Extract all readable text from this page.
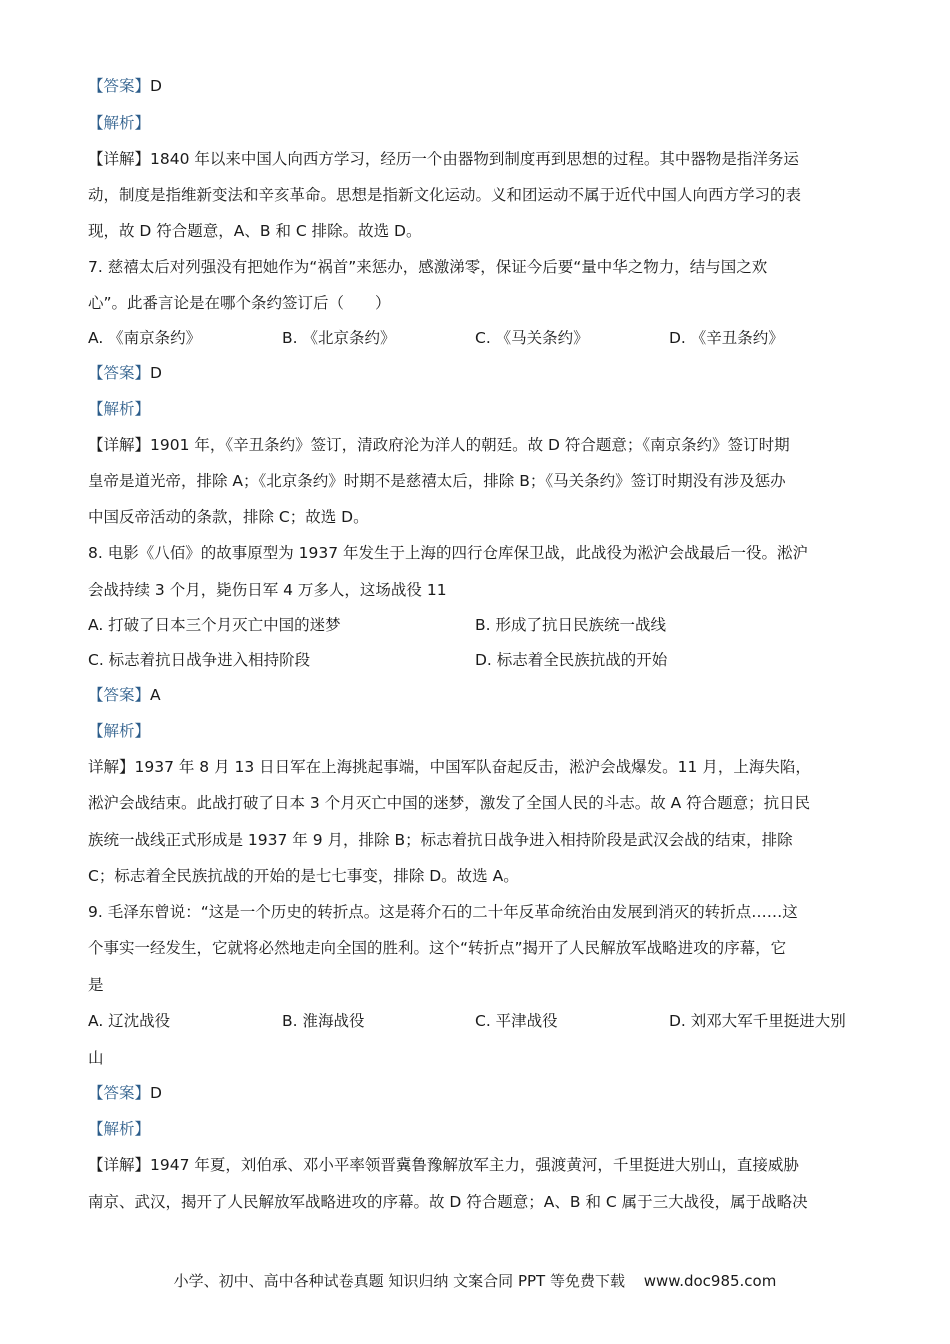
【答案】D
【解析】
【详解】1840 年以来中国人向西方学习，经历一个由器物到制度再到思想的过程。其中器物是指洋务运
动，制度是指维新变法和辛亥革命。思想是指新文化运动。义和团运动不属于近代中国人向西方学习的表
现，故 D 符合题意，A、B 和 C 排除。故选 D。
7. 慈禧太后对列强没有把她作为“祸首”来惩办，感激涕零，保证今后要“量中华之物力，结与国之欢
心”。此番言论是在哪个条约签订后（　　）
【答案】D
【解析】
【详解】1901 年，《辛丑条约》签订，清政府沦为洋人的朝廷。故 D 符合题意；《南京条约》签订时期
皇帝是道光帝，排除 A；《北京条约》时期不是慈禧太后，排除 B；《马关条约》签订时期没有涉及惩办
中国反帝活动的条款，排除 C；故选 D。
8. 电影《八佰》的故事原型为 1937 年发生于上海的四行仓库保卫战，此战役为淞沪会战最后一役。淞沪
会战持续 3 个月，毙伤日军 4 万多人，这场战役 11
【答案】A
【解析】
详解】1937 年 8 月 13 日日军在上海挑起事端，中国军队奋起反击，淞沪会战爆发。11 月，上海失陷，
淞沪会战结束。此战打破了日本 3 个月灭亡中国的迷梦，激发了全国人民的斗志。故 A 符合题意；抗日民
族统一战线正式形成是 1937 年 9 月，排除 B；标志着抗日战争进入相持阶段是武汉会战的结束，排除
C；标志着全民族抗战的开始的是七七事变，排除 D。故选 A。
9. 毛泽东曾说：“这是一个历史的转折点。这是蒋介石的二十年反革命统治由发展到消灭的转折点……这
个事实一经发生，它就将必然地走向全国的胜利。这个“转折点”揭开了人民解放军战略进攻的序幕，它
是
山
【答案】D
【解析】
【详解】1947 年夏，刘伯承、邓小平率领晋冀鲁豫解放军主力，强渡黄河，千里挺进大别山，直接威胁
南京、武汉，揭开了人民解放军战略进攻的序幕。故 D 符合题意；A、B 和 C 属于三大战役，属于战略决
A. 《南京条约》	B. 《北京条约》	C. 《马关条约》	D. 《辛丑条约》
A. 打破了日本三个月灭亡中国的迷梦	B. 形成了抗日民族统一战线
C. 标志着抗日战争进入相持阶段	D. 标志着全民族抗战的开始
A. 辽沈战役	B. 淮海战役	C. 平津战役	D. 刘邓大军千里挺进大别
小学、初中、高中各种试卷真题 知识归纳 文案合同 PPT 等免费下载 www.doc985.com
